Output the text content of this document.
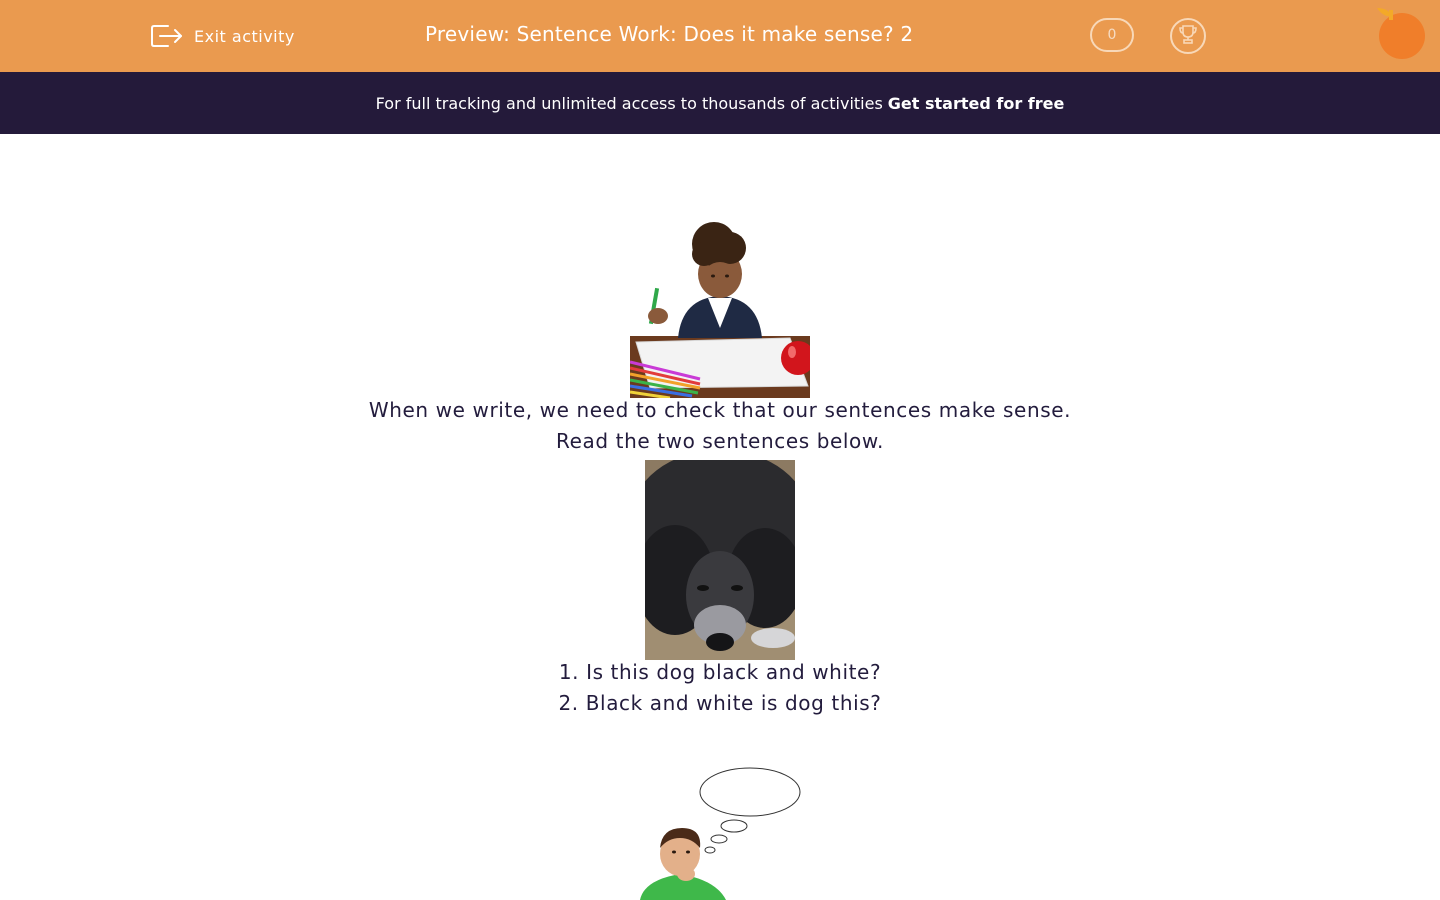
Exit activity	Preview: Sentence Work: Does it make sense? 2	0
For full tracking and unlimited access to thousands of activities Get started for free
When we write, we need to check that our sentences make sense.
Read the two sentences below.
1. Is this dog black and white?
2. Black and white is dog this?
